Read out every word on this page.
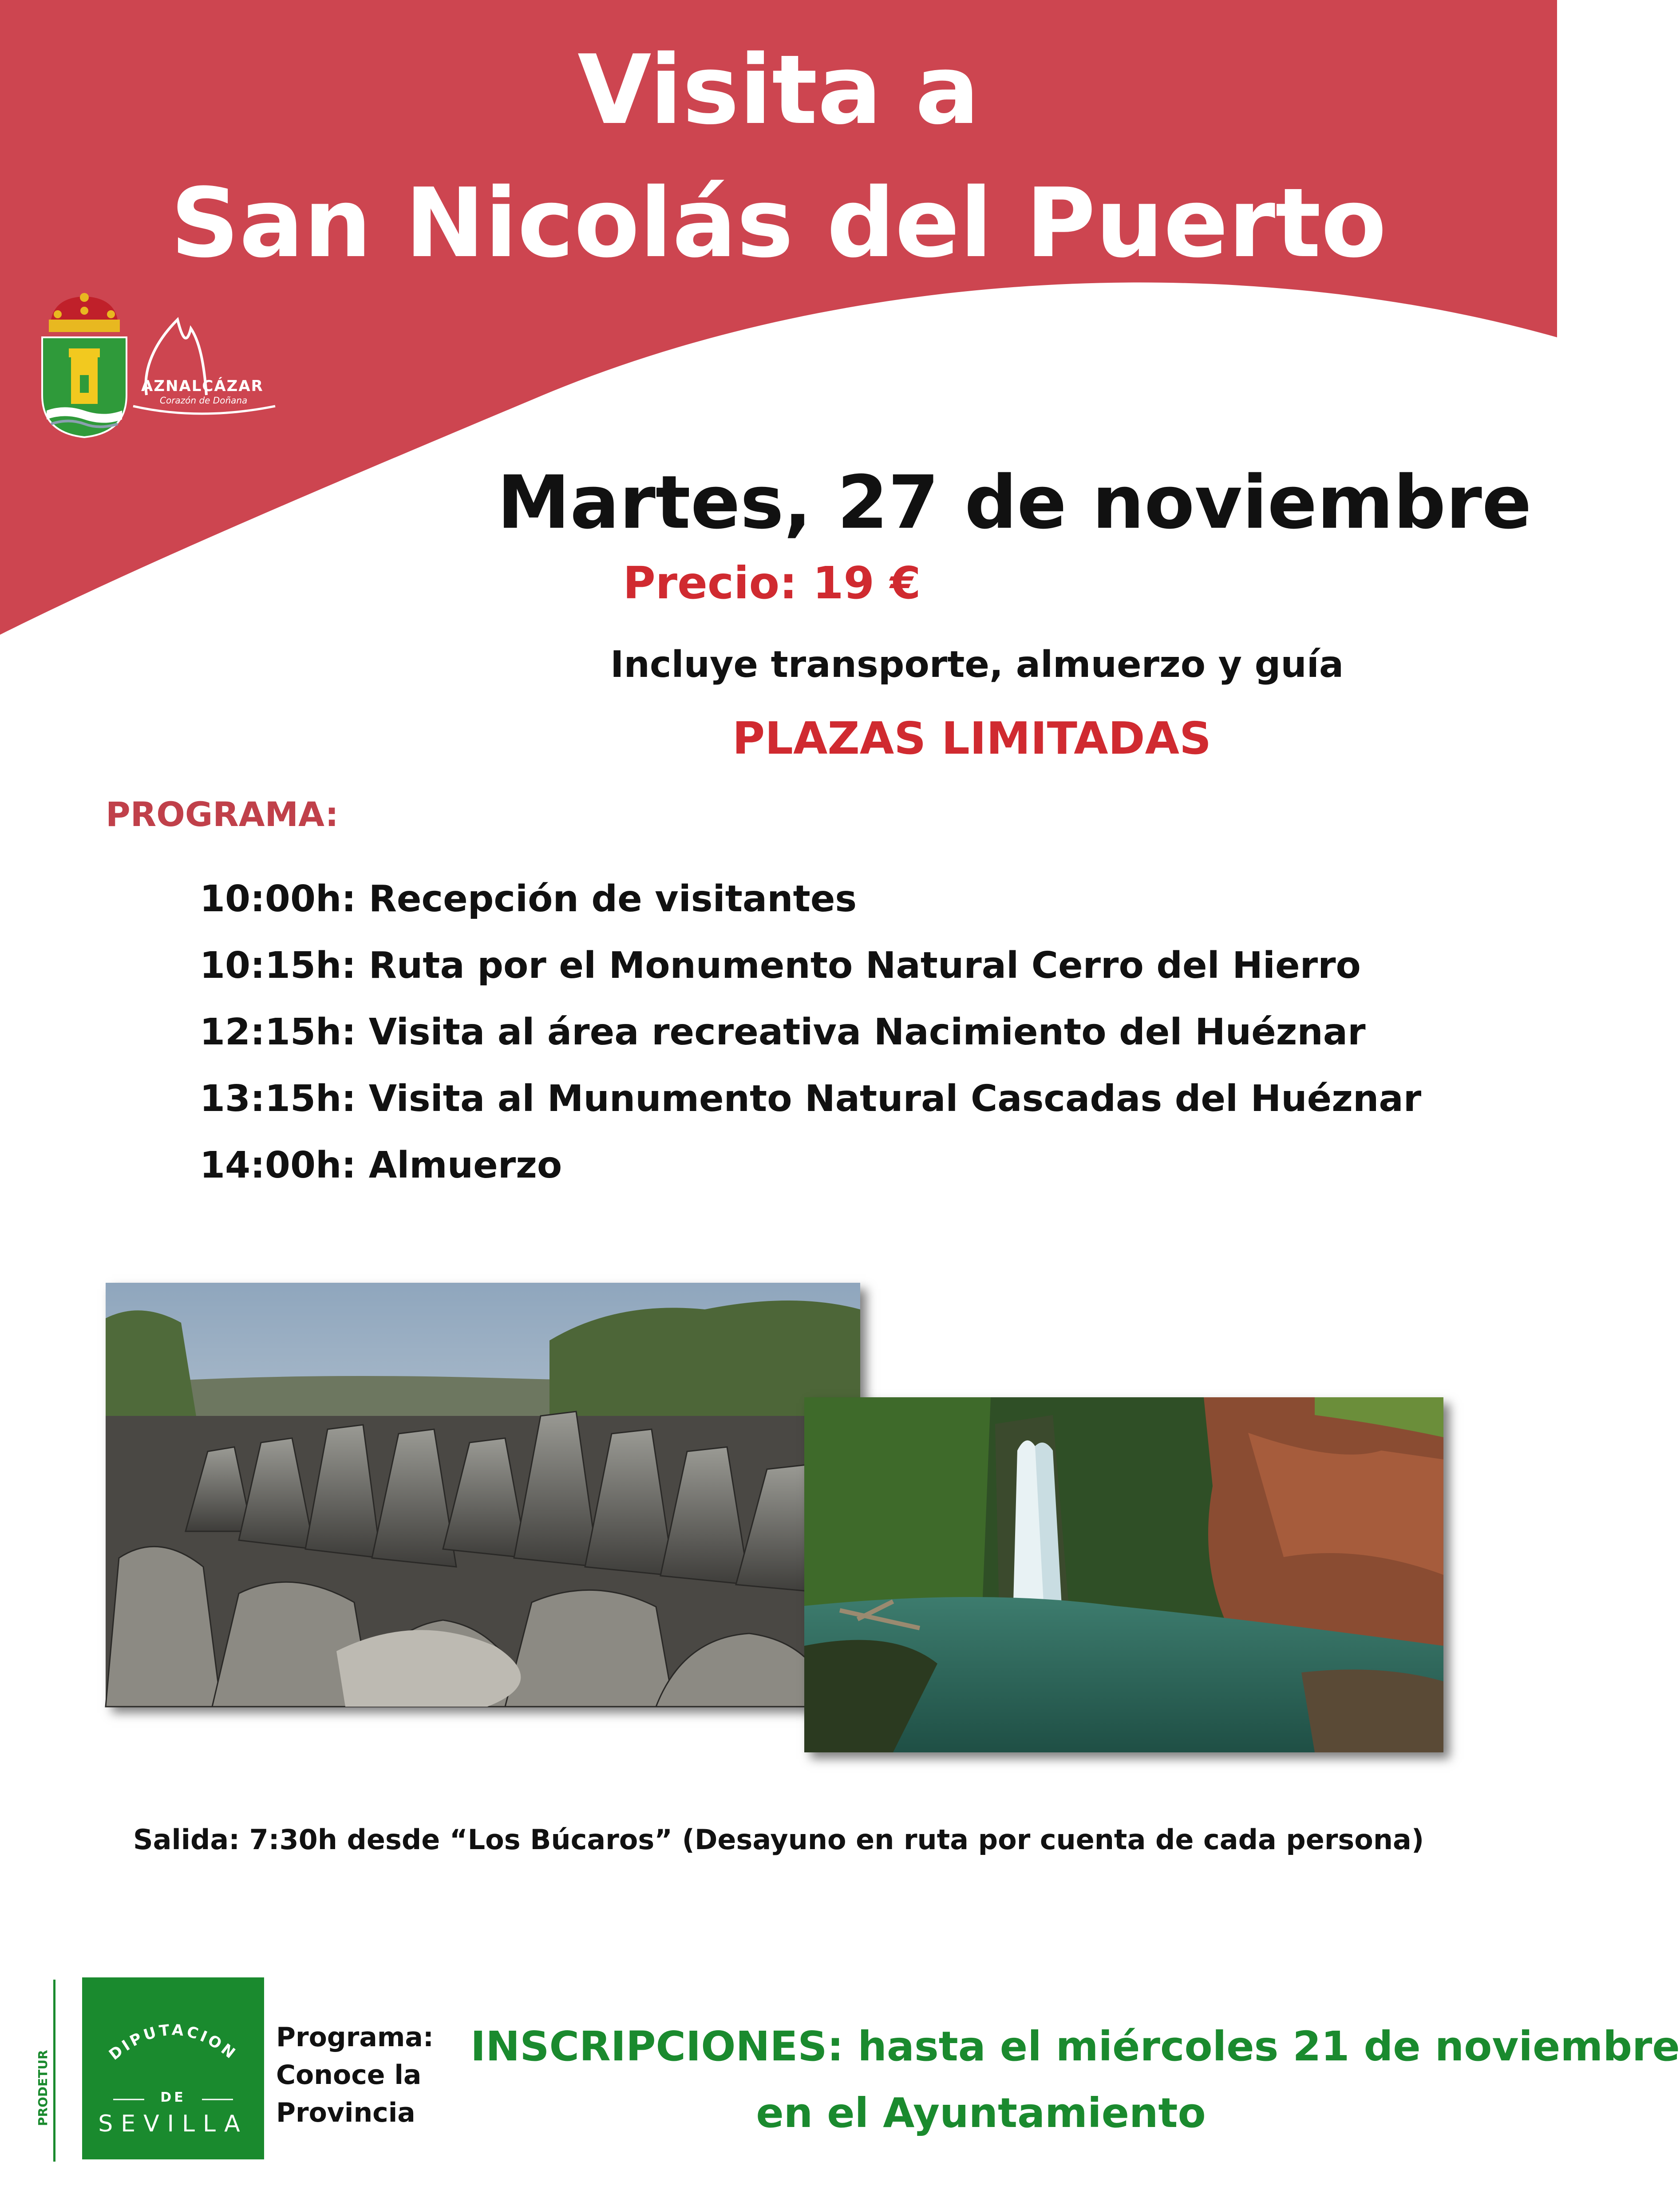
Visita a
San Nicolás del Puerto
AZNALCÁZAR
Corazón de Doñana
Martes, 27 de noviembre
Precio: 19 €
Incluye transporte, almuerzo y guía
PLAZAS LIMITADAS
PROGRAMA:
10:00h: Recepción de visitantes
10:15h: Ruta por el Monumento Natural Cerro del Hierro
12:15h: Visita al área recreativa Nacimiento del Huéznar
13:15h: Visita al Munumento Natural Cascadas del Huéznar
14:00h: Almuerzo
Salida: 7:30h desde “Los Búcaros” (Desayuno en ruta por cuenta de cada persona)
PRODETUR	DIPUTACION
DE
SEVILLA
Programa:
Conoce la
Provincia
INSCRIPCIONES: hasta el miércoles 21 de noviembre
en el Ayuntamiento
